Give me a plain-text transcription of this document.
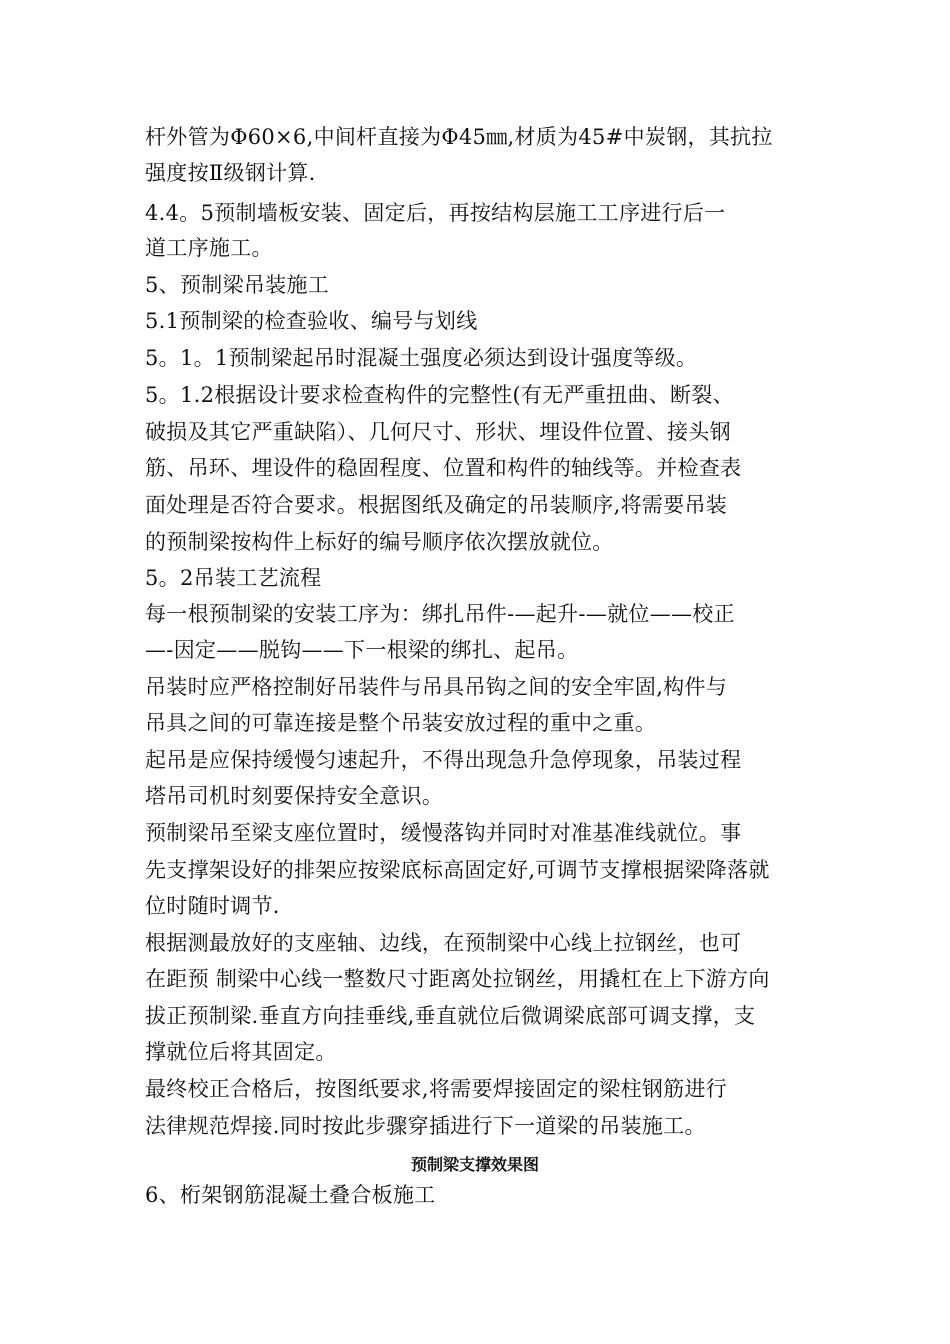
杆外管为Φ60×6,中间杆直接为Φ45㎜,材质为45#中炭钢，其抗拉
强度按Ⅱ级钢计算.
4.4。5预制墙板安装、固定后，再按结构层施工工序进行后一
道工序施工。
5、预制梁吊装施工
5.1预制梁的检查验收、编号与划线
5。1。1预制梁起吊时混凝土强度必须达到设计强度等级。
5。1.2根据设计要求检查构件的完整性(有无严重扭曲、断裂、
破损及其它严重缺陷）、几何尺寸、形状、埋设件位置、接头钢
筋、吊环、埋设件的稳固程度、位置和构件的轴线等。并检查表
面处理是否符合要求。根据图纸及确定的吊装顺序,将需要吊装
的预制梁按构件上标好的编号顺序依次摆放就位。
5。2吊装工艺流程
每一根预制梁的安装工序为：绑扎吊件-—起升-—就位——校正
—-因定——脱钩——下一根梁的绑扎、起吊。
吊装时应严格控制好吊装件与吊具吊钩之间的安全牢固,构件与
吊具之间的可靠连接是整个吊装安放过程的重中之重。
起吊是应保持缓慢匀速起升，不得出现急升急停现象，吊装过程
塔吊司机时刻要保持安全意识。
预制梁吊至梁支座位置时，缓慢落钩并同时对准基准线就位。事
先支撑架设好的排架应按梁底标高固定好,可调节支撑根据梁降落就
位时随时调节.
根据测最放好的支座轴、边线，在预制梁中心线上拉钢丝，也可
在距预 制梁中心线一整数尺寸距离处拉钢丝，用撬杠在上下游方向
拔正预制梁.垂直方向挂垂线,垂直就位后微调梁底部可调支撑，支
撑就位后将其固定。
最终校正合格后，按图纸要求,将需要焊接固定的梁柱钢筋进行
法律规范焊接.同时按此步骤穿插进行下一道梁的吊装施工。
预制梁支撑效果图
6、桁架钢筋混凝土叠合板施工
